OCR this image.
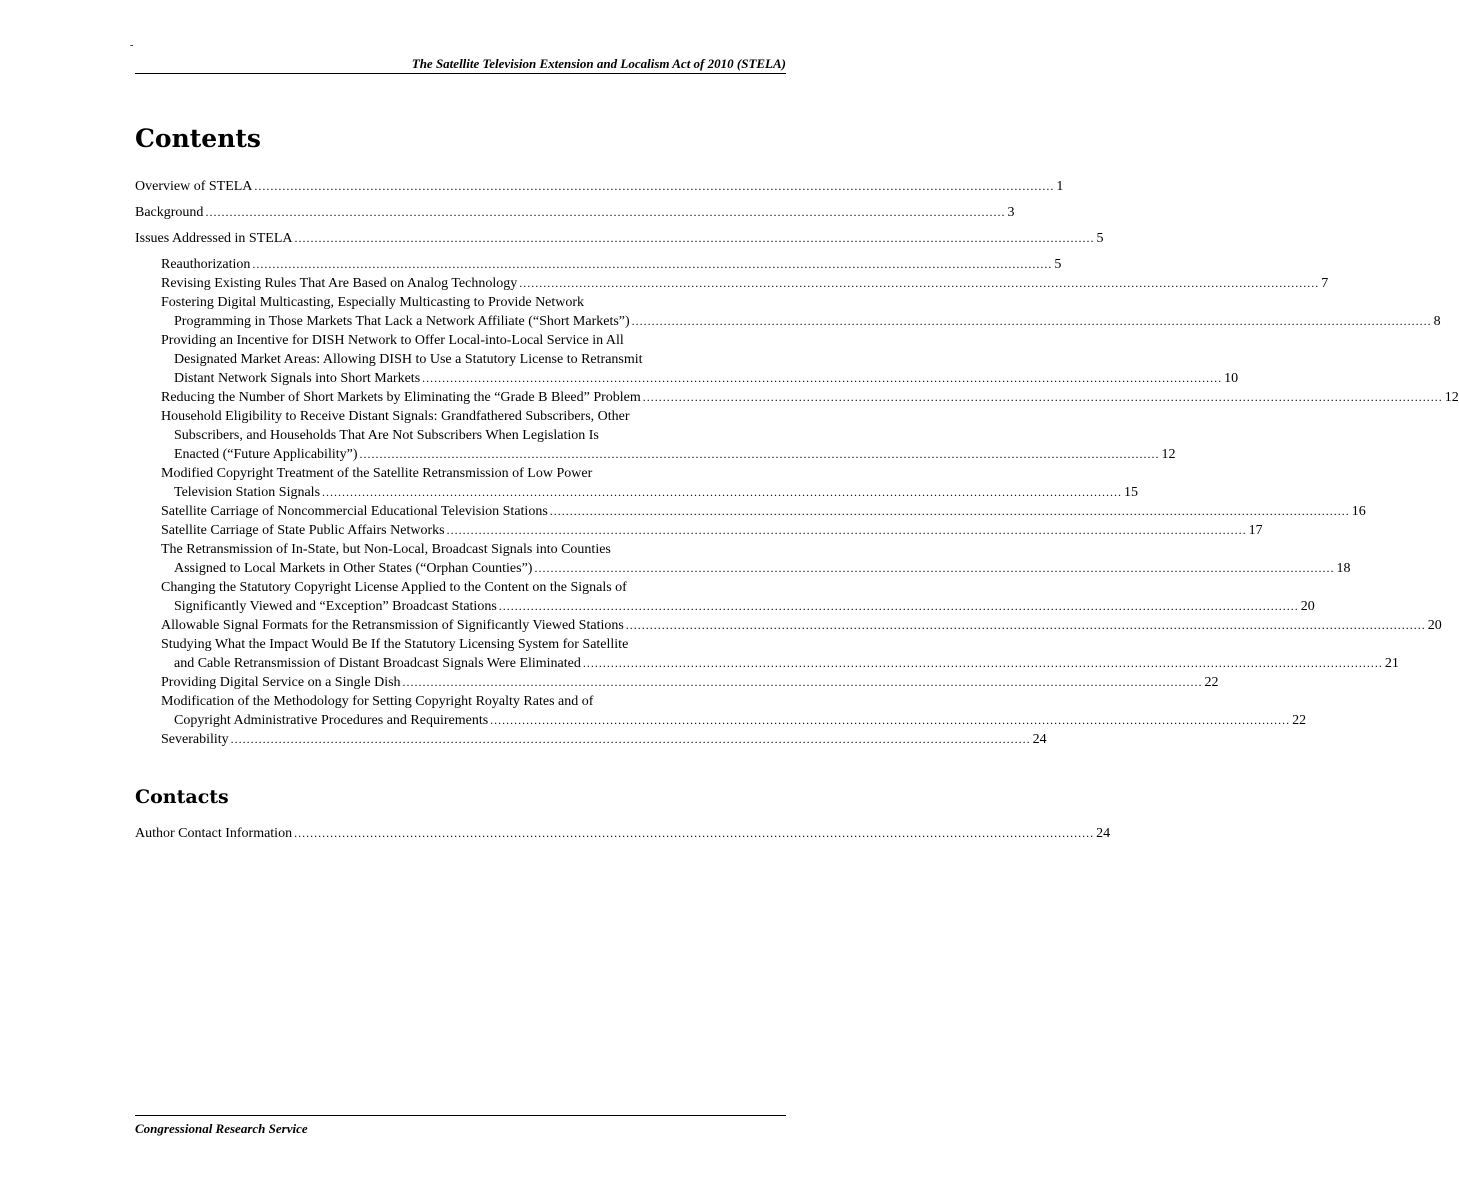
-
The Satellite Television Extension and Localism Act of 2010 (STELA)
Contents
Overview of STELA ........................................................................................................................................................................................................ 1
Background ........................................................................................................................................................................................................ 3
Issues Addressed in STELA ........................................................................................................................................................................................................ 5
Reauthorization ........................................................................................................................................................................................................ 5
Revising Existing Rules That Are Based on Analog Technology ........................................................................................................................................................................................................ 7
Fostering Digital Multicasting, Especially Multicasting to Provide Network
Programming in Those Markets That Lack a Network Affiliate (“Short Markets”) ........................................................................................................................................................................................................ 8
Providing an Incentive for DISH Network to Offer Local-into-Local Service in All
Designated Market Areas: Allowing DISH to Use a Statutory License to Retransmit
Distant Network Signals into Short Markets ........................................................................................................................................................................................................ 10
Reducing the Number of Short Markets by Eliminating the “Grade B Bleed” Problem ........................................................................................................................................................................................................ 12
Household Eligibility to Receive Distant Signals: Grandfathered Subscribers, Other
Subscribers, and Households That Are Not Subscribers When Legislation Is
Enacted (“Future Applicability”) ........................................................................................................................................................................................................ 12
Modified Copyright Treatment of the Satellite Retransmission of Low Power
Television Station Signals ........................................................................................................................................................................................................ 15
Satellite Carriage of Noncommercial Educational Television Stations ........................................................................................................................................................................................................ 16
Satellite Carriage of State Public Affairs Networks ........................................................................................................................................................................................................ 17
The Retransmission of In-State, but Non-Local, Broadcast Signals into Counties
Assigned to Local Markets in Other States (“Orphan Counties”) ........................................................................................................................................................................................................ 18
Changing the Statutory Copyright License Applied to the Content on the Signals of
Significantly Viewed and “Exception” Broadcast Stations ........................................................................................................................................................................................................ 20
Allowable Signal Formats for the Retransmission of Significantly Viewed Stations ........................................................................................................................................................................................................ 20
Studying What the Impact Would Be If the Statutory Licensing System for Satellite
and Cable Retransmission of Distant Broadcast Signals Were Eliminated ........................................................................................................................................................................................................ 21
Providing Digital Service on a Single Dish ........................................................................................................................................................................................................ 22
Modification of the Methodology for Setting Copyright Royalty Rates and of
Copyright Administrative Procedures and Requirements ........................................................................................................................................................................................................ 22
Severability ........................................................................................................................................................................................................ 24
Contacts
Author Contact Information ........................................................................................................................................................................................................ 24
Congressional Research Service
